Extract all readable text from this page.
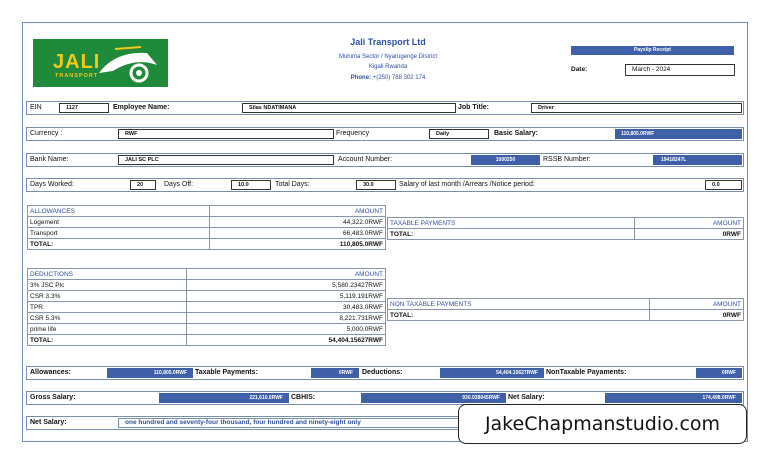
JALI
TRANSPORT
Jali Transport Ltd
Muhima Sector / Nyarugenge District
Kigali Rwanda
Phone: +(250) 788 302 174
Payslip Receipt
Date:	March - 2024
EIN	1127	Employee Name:	Silas NDATIMANA	Job Title:	Driver
Currency :	RWF	Frequency	Daily	Basic Salary:	110,805.0RWF
Bank Name:	JALI SC PLC	Account Number:	1000250	RSSB Number:	19418247L
Days Worked:	20	Days Off:	10.0	Total Days:	30.0	Salary of last month /Arrears /Notice period:	0.0
ALLOWANCES	AMOUNT
Logement	44,322.0RWF
Transport	66,483.0RWF
TOTAL:	110,805.0RWF
TAXABLE PAYMENTS	AMOUNT
TOTAL:	0RWF
DEDUCTIONS	AMOUNT
3% JSC Plc	5,580.23427RWF
CSR 3.3%	5,119.191RWF
TPR	30,483.0RWF
CSR 5.3%	8,221.731RWF
prime life	5,000.0RWF
TOTAL:	54,404.15627RWF
NON TAXABLE PAYMENTS	AMOUNT
TOTAL:	0RWF
Allowances:	110,805.0RWF	Taxable Payments:	0RWF	Deductions:	54,404.15627RWF	NonTaxable Payaments:	0RWF
Gross Salary:	221,610.0RWF	CBHIS:	930.038045RWF	Net Salary:	174,498.0RWF
Net Salary:	one hundred and seventy-four thousand, four hundred and ninety-eight only	JakeChapmanstudio.com
